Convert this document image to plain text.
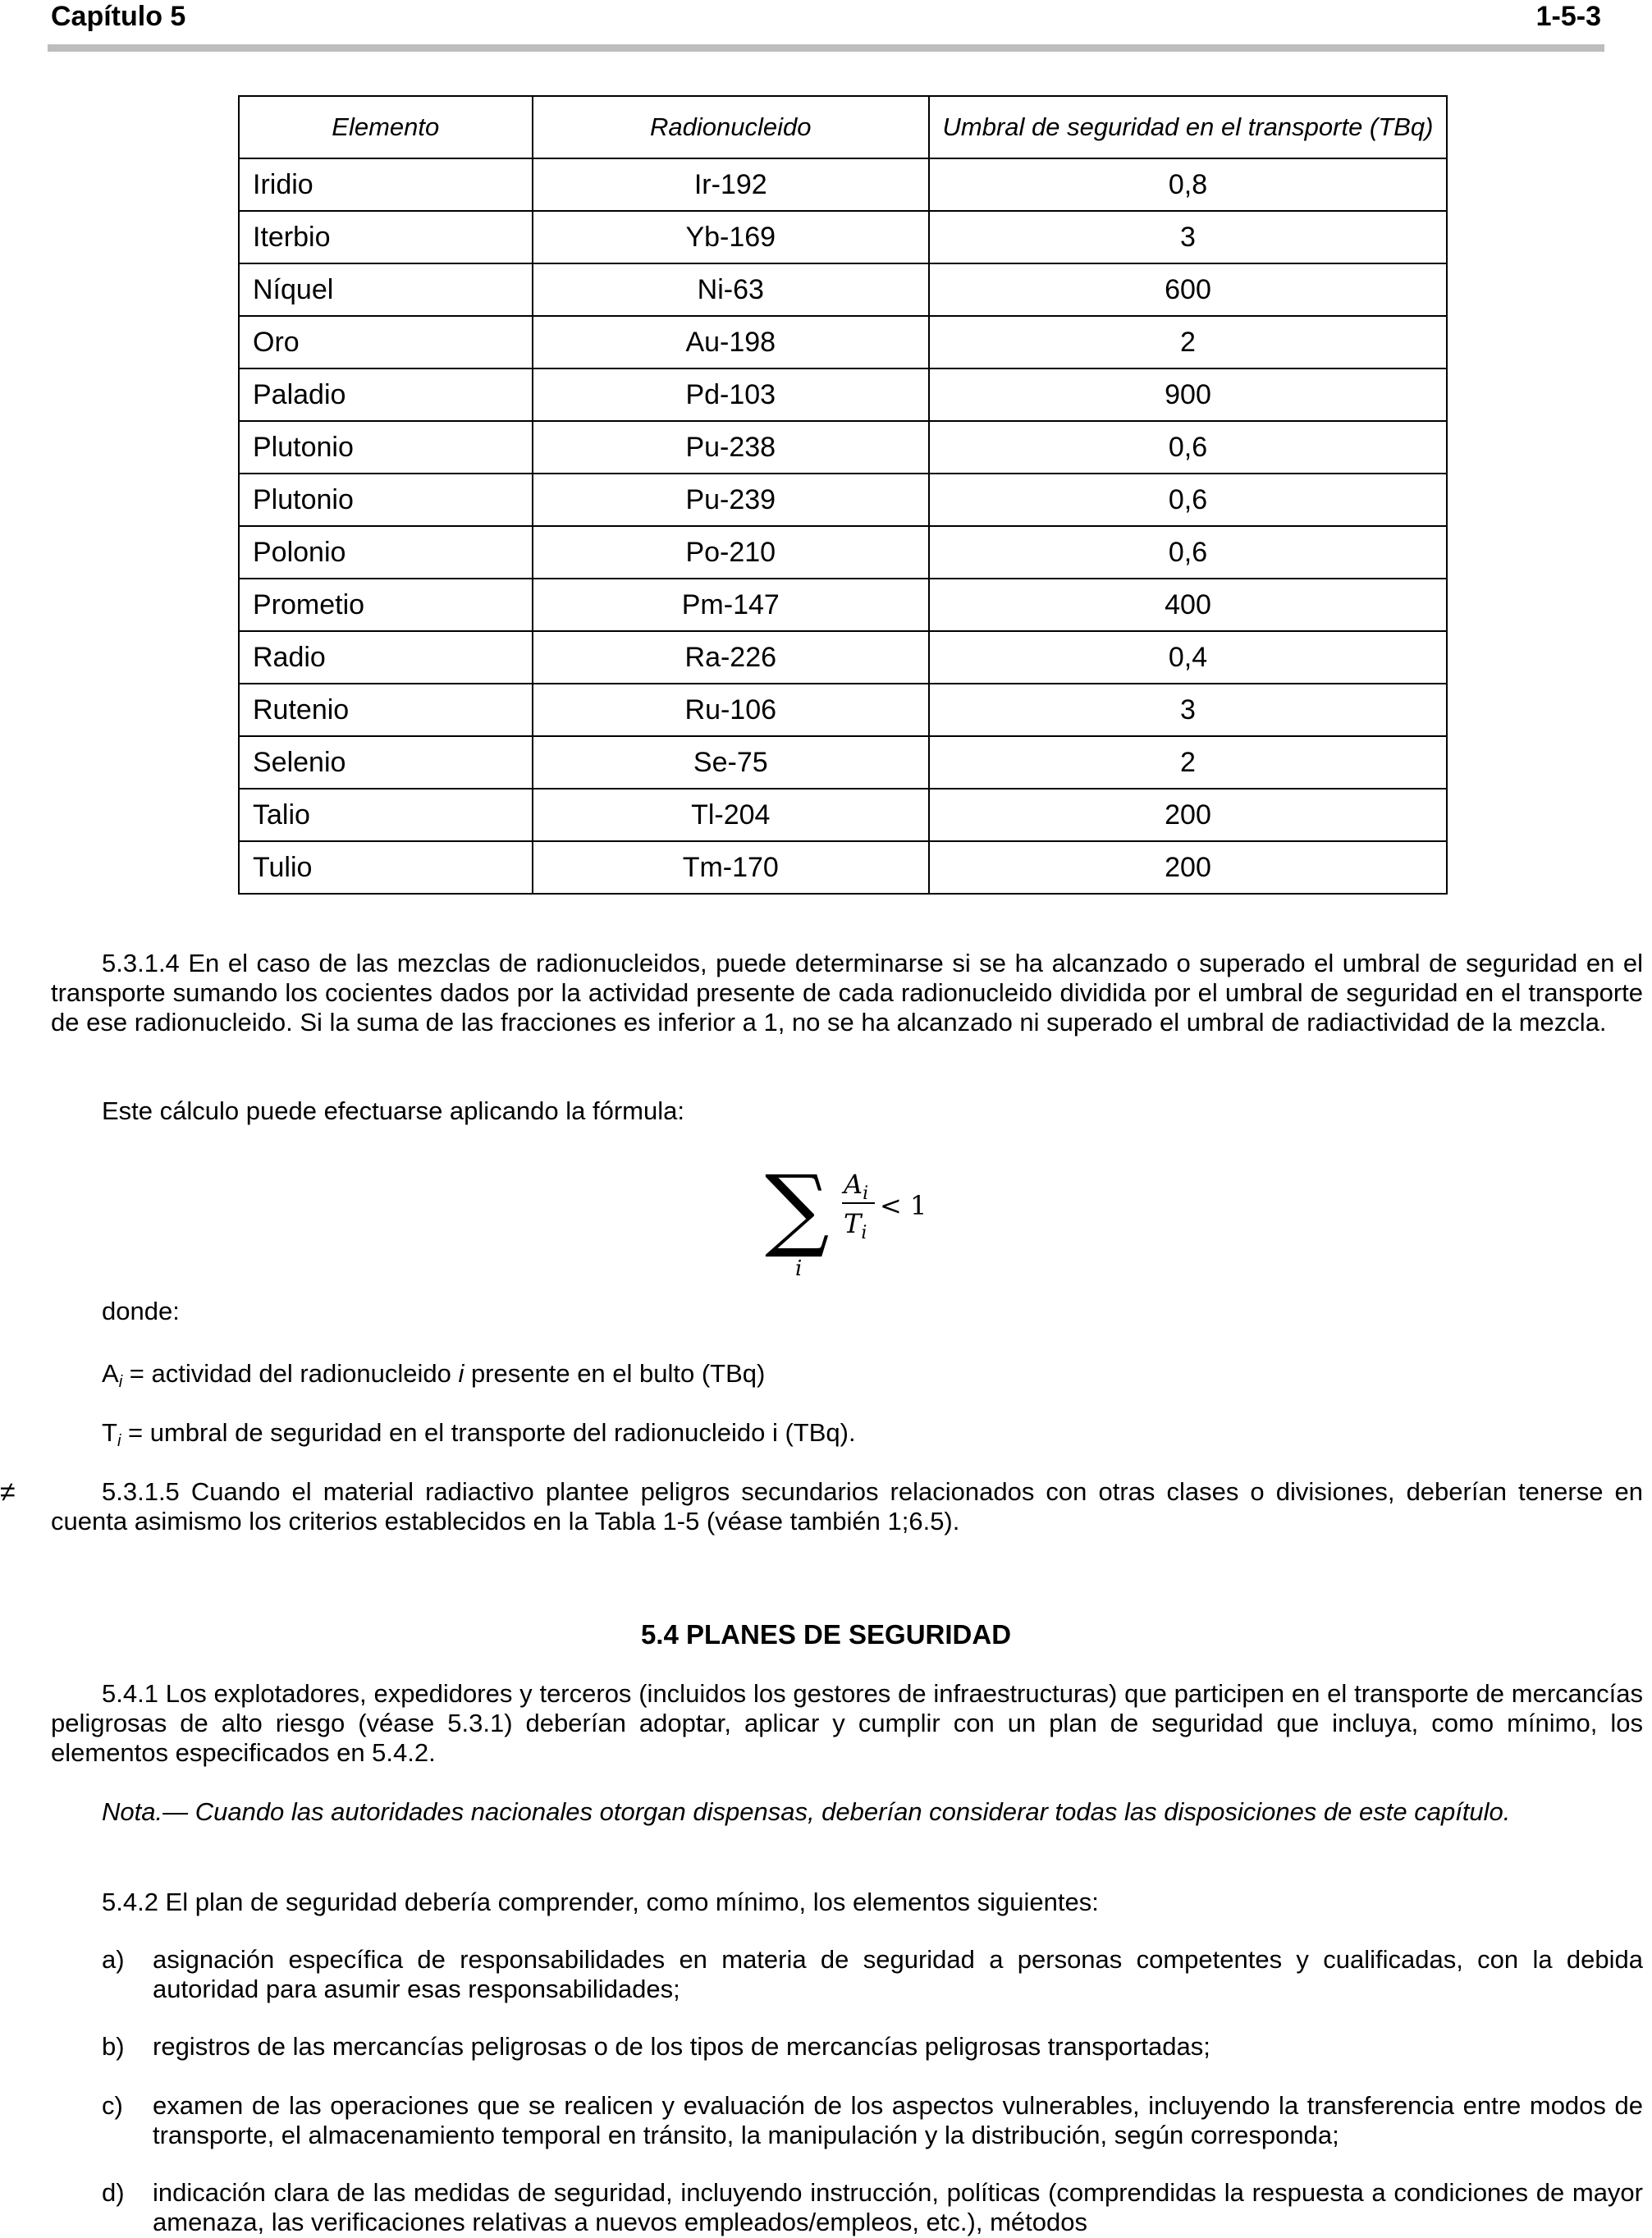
Capítulo 5	1-5-3
Elemento	Radionucleido	Umbral de seguridad en el transporte (TBq)
Iridio	Ir-192	0,8
Iterbio	Yb-169	3
Níquel	Ni-63	600
Oro	Au-198	2
Paladio	Pd-103	900
Plutonio	Pu-238	0,6
Plutonio	Pu-239	0,6
Polonio	Po-210	0,6
Prometio	Pm-147	400
Radio	Ra-226	0,4
Rutenio	Ru-106	3
Selenio	Se-75	2
Talio	Tl-204	200
Tulio	Tm-170	200
5.3.1.4 En el caso de las mezclas de radionucleidos, puede determinarse si se ha alcanzado o superado el umbral de seguridad en el transporte sumando los cocientes dados por la actividad presente de cada radionucleido dividida por el umbral de seguridad en el transporte de ese radionucleido. Si la suma de las fracciones es inferior a 1, no se ha alcanzado ni superado el umbral de radiactividad de la mezcla.
Este cálculo puede efectuarse aplicando la fórmula:
∑
i
$A_i$
$T_i$
< 1
donde:
$A_i$ = actividad del radionucleido i presente en el bulto (TBq)
$T_i$ = umbral de seguridad en el transporte del radionucleido i (TBq).
≠	5.3.1.5 Cuando el material radiactivo plantee peligros secundarios relacionados con otras clases o divisiones, deberían tenerse en cuenta asimismo los criterios establecidos en la Tabla 1-5 (véase también 1;6.5).
5.4 PLANES DE SEGURIDAD
5.4.1 Los explotadores, expedidores y terceros (incluidos los gestores de infraestructuras) que participen en el transporte de mercancías peligrosas de alto riesgo (véase 5.3.1) deberían adoptar, aplicar y cumplir con un plan de seguridad que incluya, como mínimo, los elementos especificados en 5.4.2.
Nota.— Cuando las autoridades nacionales otorgan dispensas, deberían considerar todas las disposiciones de este capítulo.
5.4.2 El plan de seguridad debería comprender, como mínimo, los elementos siguientes:
a) asignación específica de responsabilidades en materia de seguridad a personas competentes y cualificadas, con la debida autoridad para asumir esas responsabilidades;
b) registros de las mercancías peligrosas o de los tipos de mercancías peligrosas transportadas;
c) examen de las operaciones que se realicen y evaluación de los aspectos vulnerables, incluyendo la transferencia entre modos de transporte, el almacenamiento temporal en tránsito, la manipulación y la distribución, según corresponda;
d) indicación clara de las medidas de seguridad, incluyendo instrucción, políticas (comprendidas la respuesta a condiciones de mayor amenaza, las verificaciones relativas a nuevos empleados/empleos, etc.), métodos
